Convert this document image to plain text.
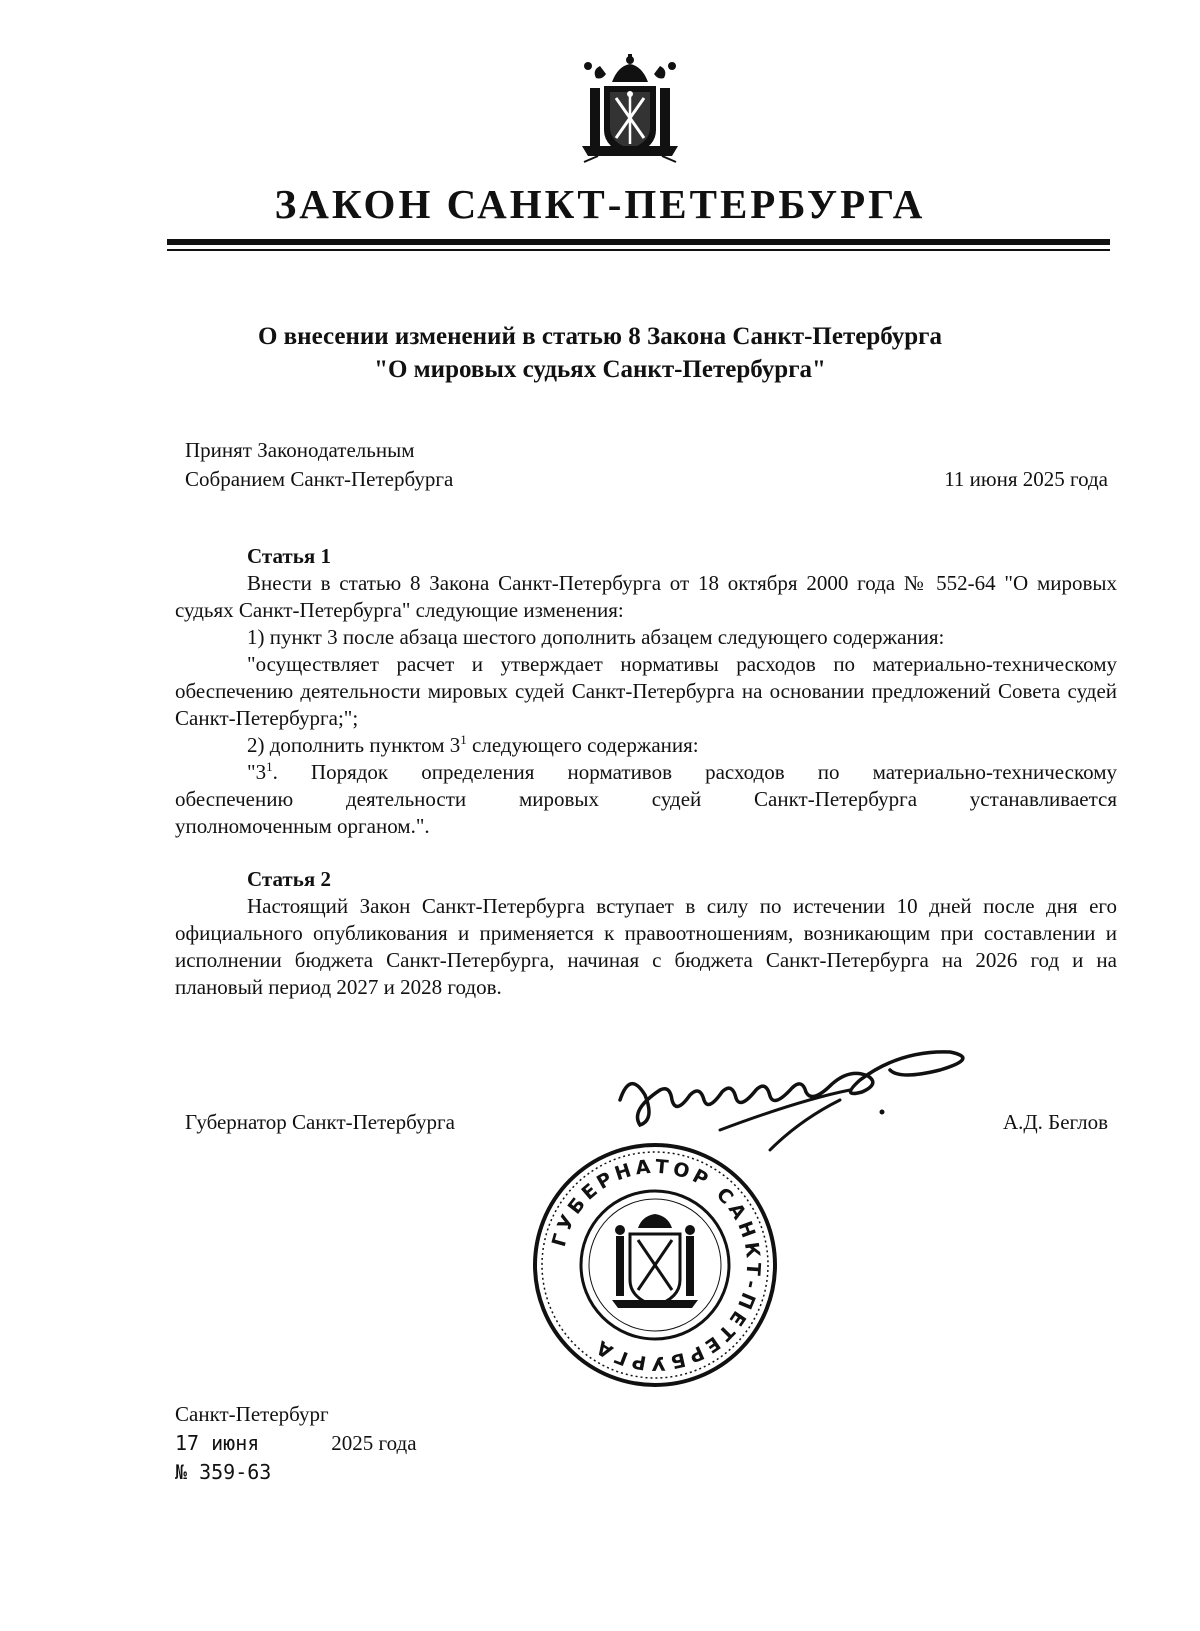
ЗАКОН САНКТ-ПЕТЕРБУРГА
О внесении изменений в статью 8 Закона Санкт-Петербурга
"О мировых судьях Санкт-Петербурга"
Принят Законодательным
Собранием Санкт-Петербурга	11 июня 2025 года
Статья 1

Внести в статью 8 Закона Санкт-Петербурга от 18 октября 2000 года № 552-64 "О мировых судьях Санкт-Петербурга" следующие изменения:

1) пункт 3 после абзаца шестого дополнить абзацем следующего содержания:

"осуществляет расчет и утверждает нормативы расходов по материально-техническому обеспечению деятельности мировых судей Санкт-Петербурга на основании предложений Совета судей Санкт-Петербурга;";

2) дополнить пунктом $3^1$ следующего содержания:

"$3^1$. Порядок определения нормативов расходов по материально-техническому

обеспечению деятельности мировых судей Санкт-Петербурга устанавливается

уполномоченным органом.".

Статья 2

Настоящий Закон Санкт-Петербурга вступает в силу по истечении 10 дней после дня его официального опубликования и применяется к правоотношениям, возникающим при составлении и исполнении бюджета Санкт-Петербурга, начиная с бюджета Санкт-Петербурга на 2026 год и на плановый период 2027 и 2028 годов.

Губернатор Санкт-Петербурга	А.Д. Беглов
ГУБЕРНАТОР САНКТ-ПЕТЕРБУРГА
Санкт-Петербург
17 июня	2025 года
№ 359-63
